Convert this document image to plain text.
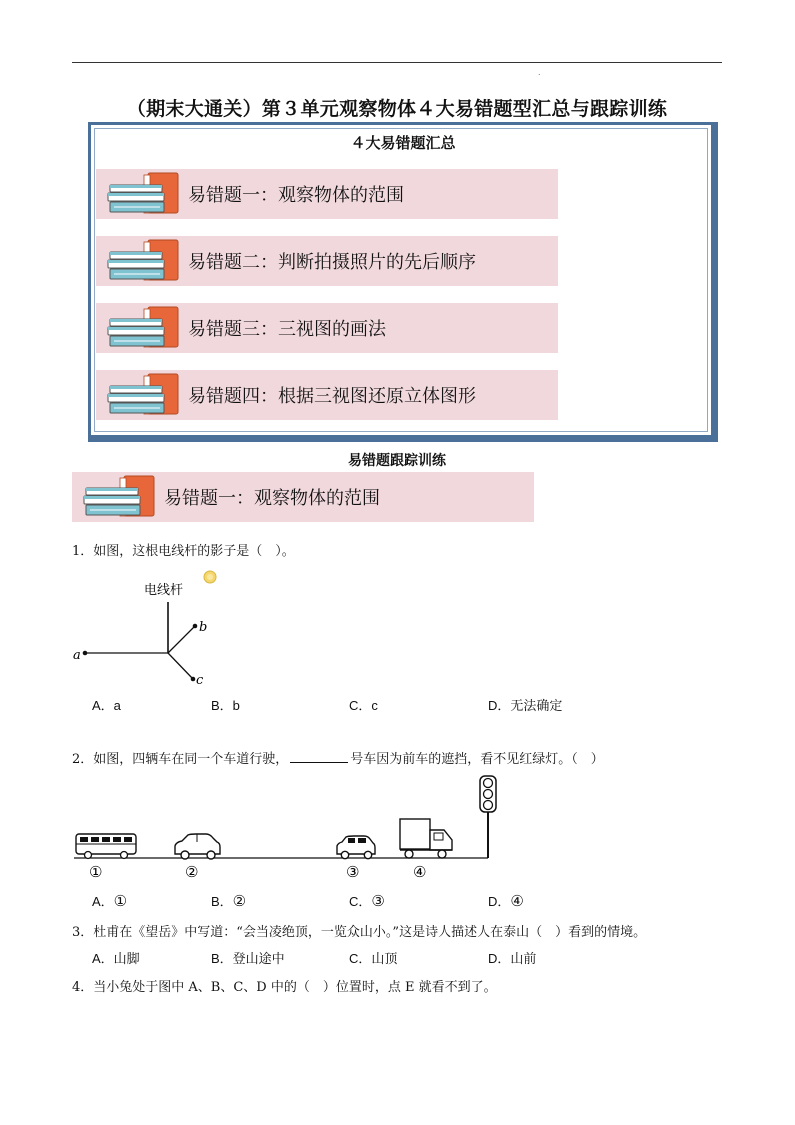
.
（期末大通关）第３单元观察物体４大易错题型汇总与跟踪训练
４大易错题汇总
易错题一：观察物体的范围
易错题二：判断拍摄照片的先后顺序
易错题三：三视图的画法
易错题四：根据三视图还原立体图形
易错题跟踪训练
易错题一：观察物体的范围
1．如图，这根电线杆的影子是（　）。
电线杆
a
b
c
A．a	B．b	C．c	D．无法确定
2．如图，四辆车在同一个车道行驶，	号车因为前车的遮挡，看不见红绿灯。（　）
①	②	③	④
A．①	B．②	C．③	D．④
3．杜甫在《望岳》中写道：“会当凌绝顶，一览众山小。”这是诗人描述人在泰山（　）看到的情境。
A．山脚	B．登山途中	C．山顶	D．山前
4．当小兔处于图中 A、B、C、D 中的（　）位置时，点 E 就看不到了。
